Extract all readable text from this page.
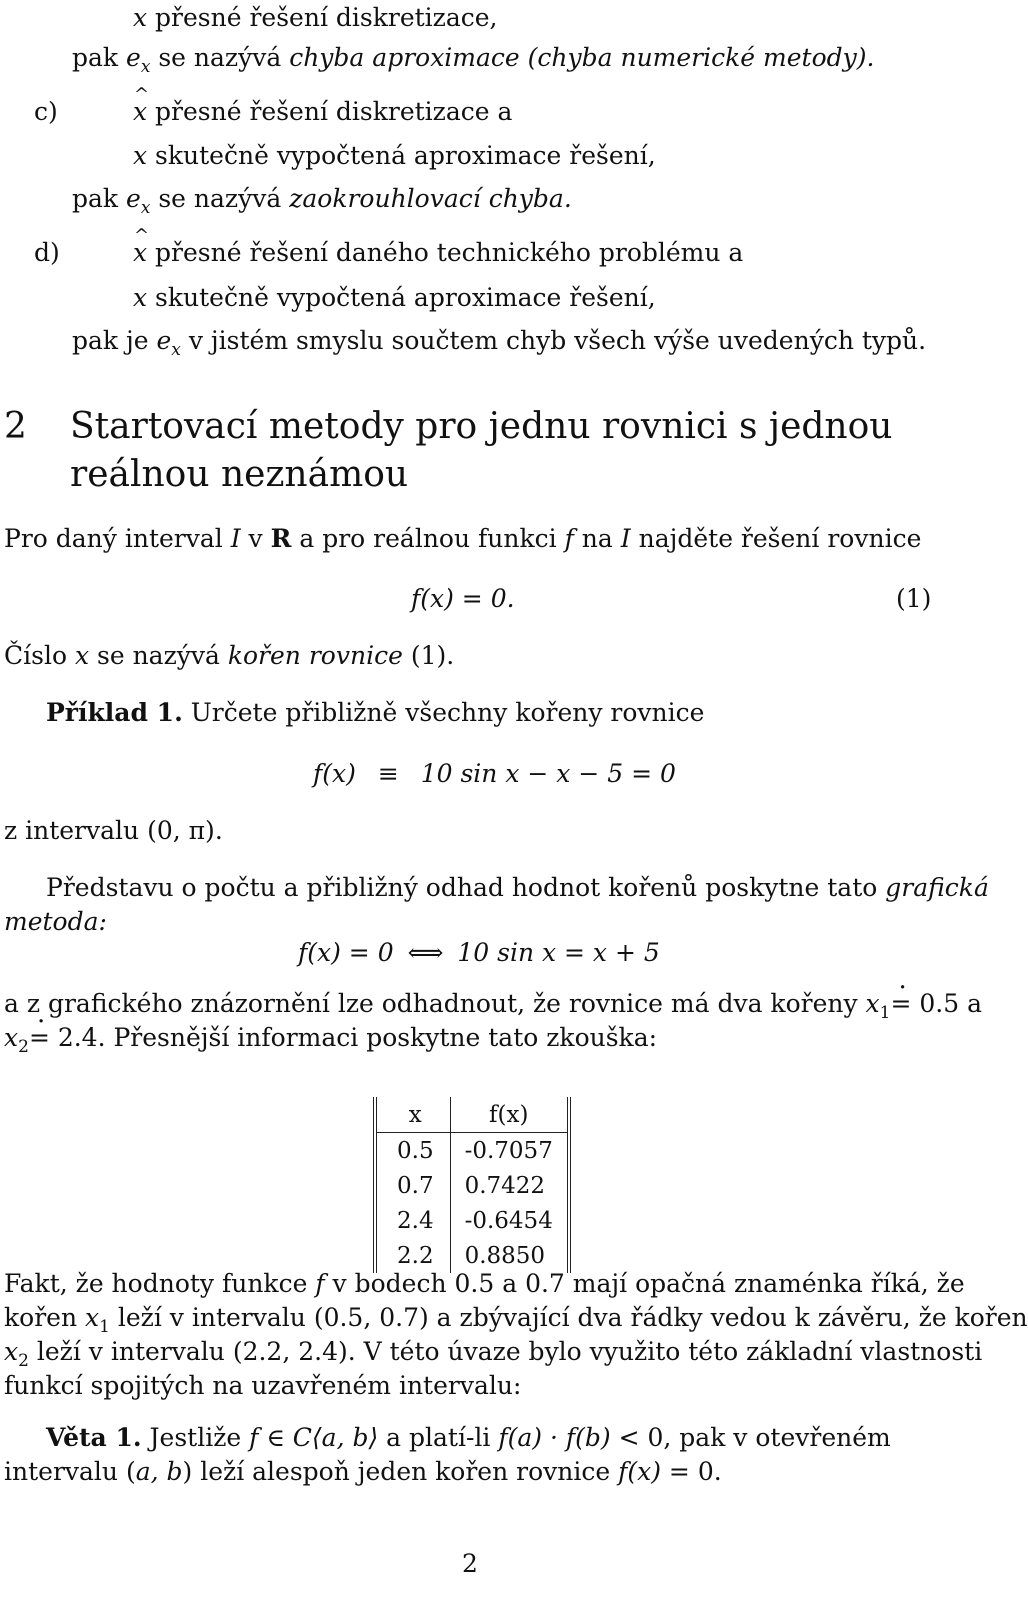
x přesné řešení diskretizace,
pak $e_x$ se nazývá chyba aproximace (chyba numerické metody).
c)	^ x přesné řešení diskretizace a
x skutečně vypočtená aproximace řešení,
pak $e_x$ se nazývá zaokrouhlovací chyba.
d)	^ x přesné řešení daného technického problému a
x skutečně vypočtená aproximace řešení,
pak je $e_x$ v jistém smyslu součtem chyb všech výše uvedených typů.
2 Startovací metody pro jednu rovnici s jednou
reálnou neznámou
Pro daný interval I v R a pro reálnou funkci f na I najděte řešení rovnice
f(x) = 0.	(1)
Číslo x se nazývá kořen rovnice (1).
Příklad 1. Určete přibližně všechny kořeny rovnice
f(x) ≡ 10 sin x − x − 5 = 0
z intervalu (0, π).
Představu o počtu a přibližný odhad hodnot kořenů poskytne tato grafická
metoda:
f(x) = 0 ⟺ 10 sin x = x + 5
a z grafického znázornění lze odhadnout, že rovnice má dva kořeny $x_1\cdot = 0.5$ a
$x_2\cdot = 2.4$. Přesnější informaci poskytne tato zkouška:
x	f(x)
0.5	-0.7057
0.7	0.7422
2.4	-0.6454
2.2	0.8850
Fakt, že hodnoty funkce f v bodech 0.5 a 0.7 mají opačná znaménka říká, že
kořen $x_1$ leží v intervalu (0.5, 0.7) a zbývající dva řádky vedou k závěru, že kořen
$x_2$ leží v intervalu (2.2, 2.4). V této úvaze bylo využito této základní vlastnosti
funkcí spojitých na uzavřeném intervalu:
Věta 1. Jestliže f ∈ C⟨a, b⟩ a platí-li f(a) · f(b) < 0, pak v otevřeném
intervalu (a, b) leží alespoň jeden kořen rovnice f(x) = 0.
2
